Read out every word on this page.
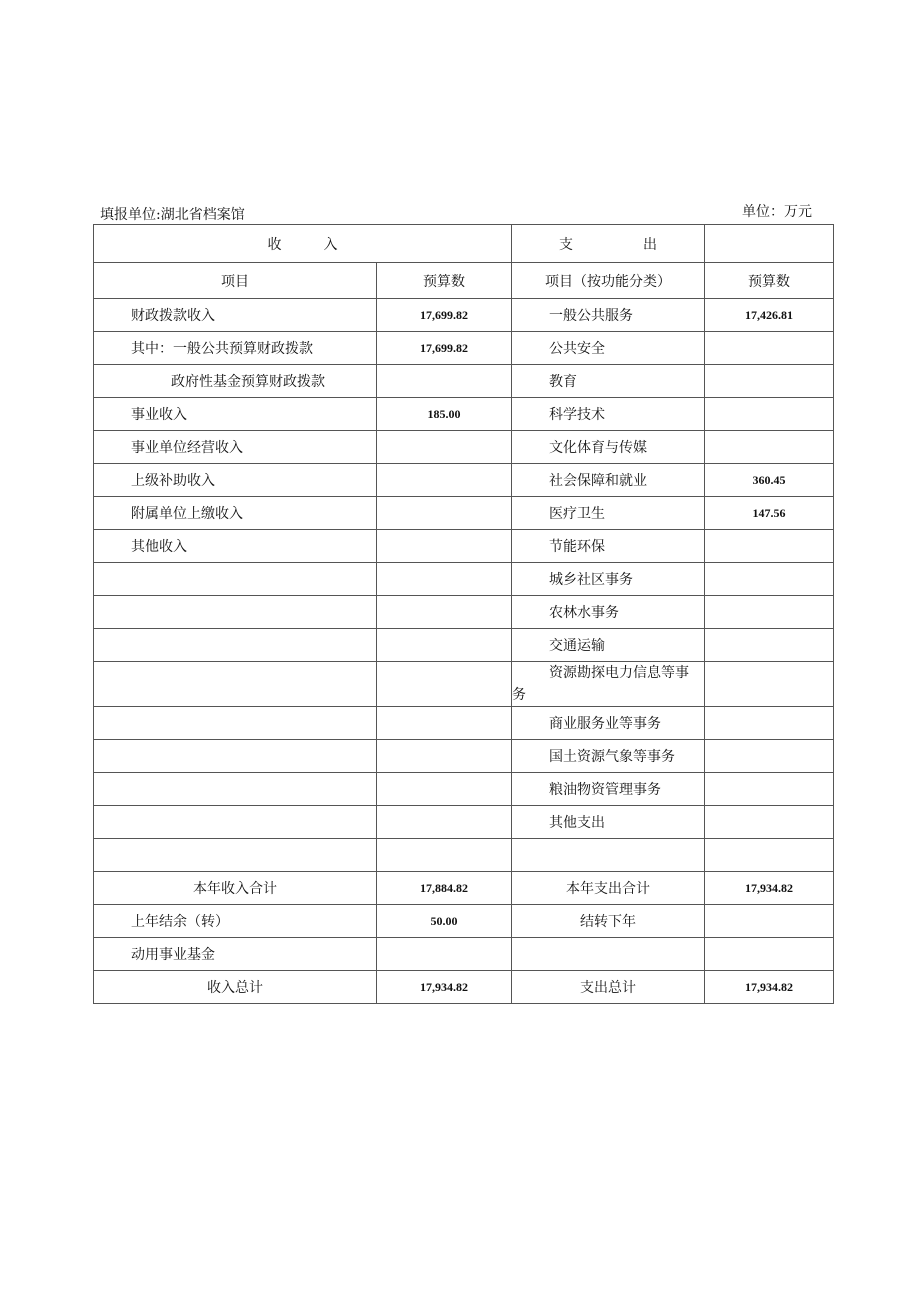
填报单位:湖北省档案馆	单位：万元
收　　　入		支　　　　　出	
项目	预算数	项目（按功能分类）	预算数
财政拨款收入	17,699.82	一般公共服务	17,426.81
其中：一般公共预算财政拨款	17,699.82	公共安全	
政府性基金预算财政拨款		教育	
事业收入	185.00	科学技术	
事业单位经营收入		文化体育与传媒	
上级补助收入		社会保障和就业	360.45
附属单位上缴收入		医疗卫生	147.56
其他收入		节能环保	
		城乡社区事务	
		农林水事务	
		交通运输	

		资源勘探电力信息等事
务	
		商业服务业等事务	
		国土资源气象等事务	
		粮油物资管理事务	
		其他支出	

本年收入合计	17,884.82	本年支出合计	17,934.82
上年结余（转）	50.00	结转下年	
动用事业基金			
收入总计	17,934.82	支出总计	17,934.82
